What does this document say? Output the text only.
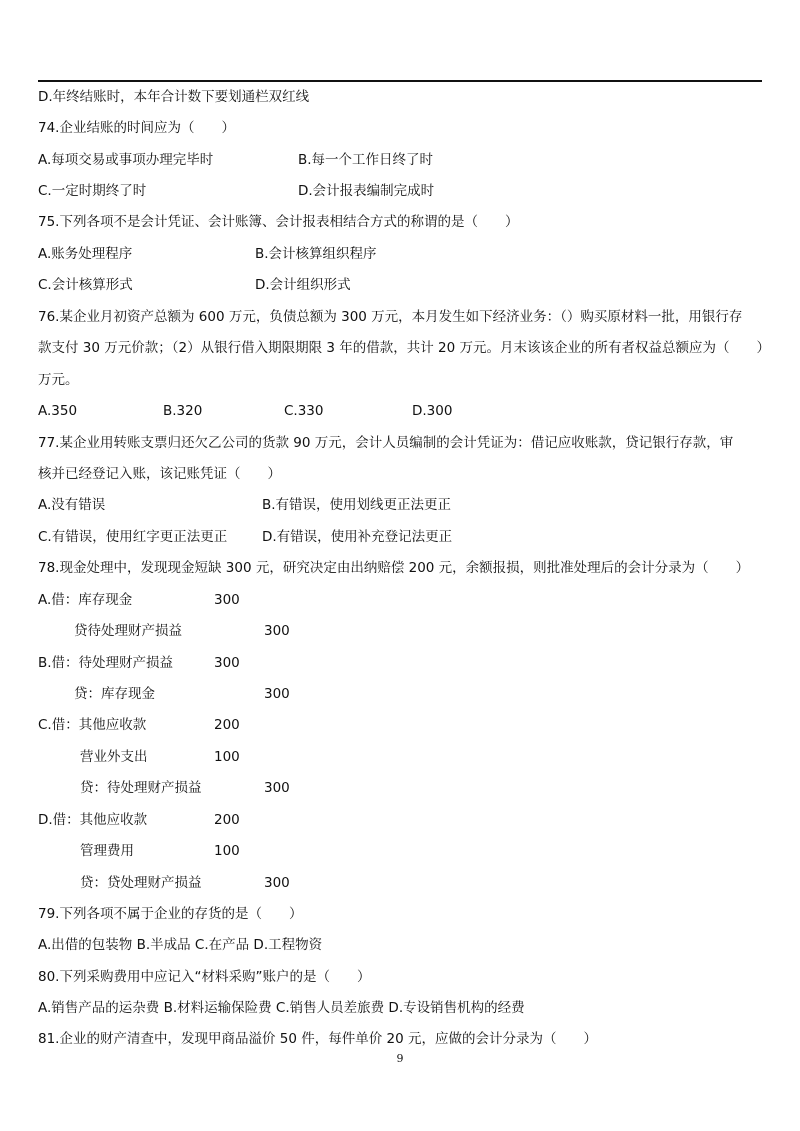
D.年终结账时，本年合计数下要划通栏双红线
74.企业结账的时间应为（　　）
A.每项交易或事项办理完毕时	B.每一个工作日终了时
C.一定时期终了时	D.会计报表编制完成时
75.下列各项不是会计凭证、会计账簿、会计报表相结合方式的称谓的是（　　）
A.账务处理程序	B.会计核算组织程序
C.会计核算形式	D.会计组织形式
76.某企业月初资产总额为 600 万元，负债总额为 300 万元，本月发生如下经济业务：（）购买原材料一批，用银行存
款支付 30 万元价款；（2）从银行借入期限期限 3 年的借款，共计 20 万元。月末该该企业的所有者权益总额应为（　　）
万元。
A.350	B.320	C.330	D.300
77.某企业用转账支票归还欠乙公司的货款 90 万元，会计人员编制的会计凭证为：借记应收账款，贷记银行存款，审
核并已经登记入账，该记账凭证（　　）
A.没有错误	B.有错误，使用划线更正法更正
C.有错误，使用红字更正法更正	D.有错误，使用补充登记法更正
78.现金处理中，发现现金短缺 300 元，研究决定由出纳赔偿 200 元，余额报损，则批准处理后的会计分录为（　　）
A.借：库存现金	300
贷待处理财产损益	300
B.借：待处理财产损益	300
贷：库存现金	300
C.借：其他应收款	200
营业外支出	100
贷：待处理财产损益	300
D.借：其他应收款	200
管理费用	100
贷：贷处理财产损益	300
79.下列各项不属于企业的存货的是（　　）
A.出借的包装物 B.半成品 C.在产品 D.工程物资
80.下列采购费用中应记入“材料采购”账户的是（　　）
A.销售产品的运杂费 B.材料运输保险费 C.销售人员差旅费 D.专设销售机构的经费
81.企业的财产清查中，发现甲商品溢价 50 件，每件单价 20 元，应做的会计分录为（　　）
9
